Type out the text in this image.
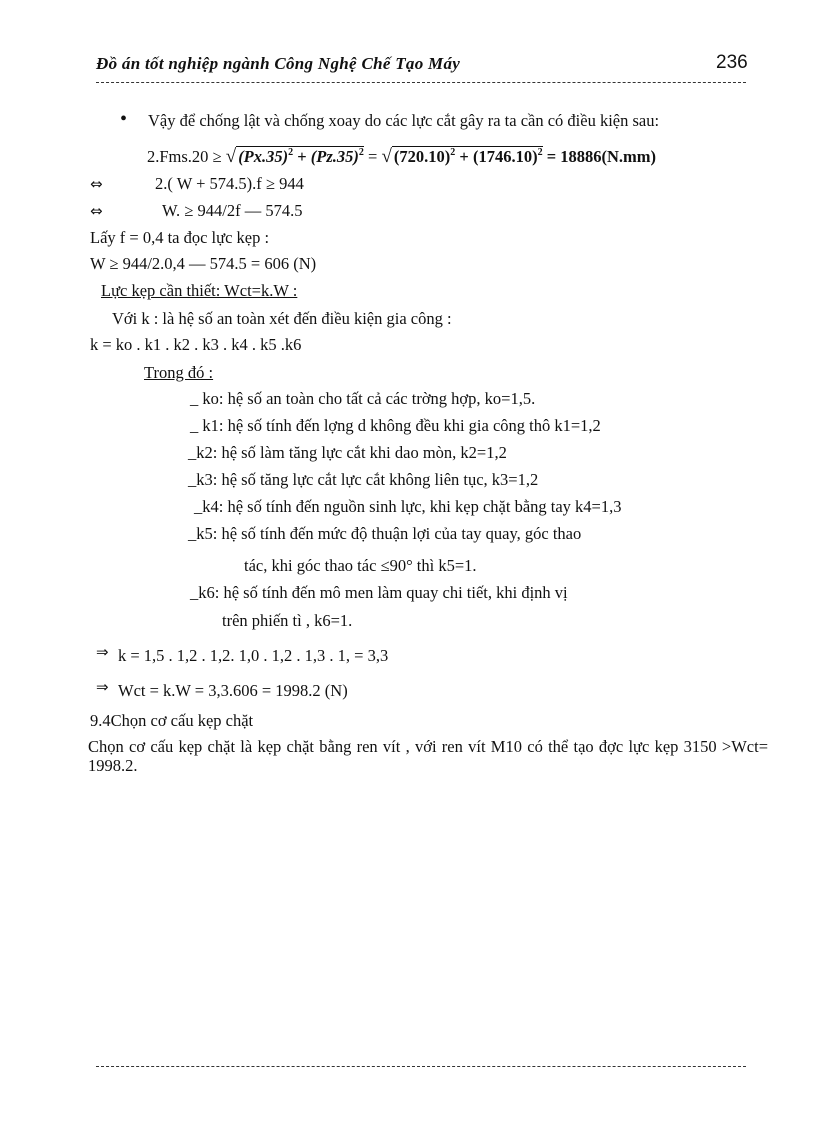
Đồ án tốt nghiệp ngành Công Nghệ Chế Tạo Máy	236
• Vậy để chống lật và chống xoay do các lực cắt gây ra ta cần có điều kiện sau:
2.Fms.20 ≥ √ $(Px.35)^2 + (Pz.35)^2$ = √ $(720.10)^2 + (1746.10)^2 = 18886(N.mm)$
⇔	2.( W + 574.5).f ≥ 944
⇔	W. ≥ 944/2f — 574.5
Lấy f = 0,4 ta đọc lực kẹp :
W ≥ 944/2.0,4 — 574.5 = 606 (N)
Lực kẹp cần thiết: Wct=k.W :
Với k : là hệ số an toàn xét đến điều kiện gia công :
k = ko . k1 . k2 . k3 . k4 . k5 .k6
Trong đó :
_ ko: hệ số an toàn cho tất cả các trờng hợp, ko=1,5.
_ k1: hệ số tính đến lợng d không đều khi gia công thô k1=1,2
_k2: hệ số làm tăng lực cắt khi dao mòn, k2=1,2
_k3: hệ số tăng lực cắt lực cắt không liên tục, k3=1,2
_k4: hệ số tính đến nguồn sinh lực, khi kẹp chặt bằng tay k4=1,3
_k5: hệ số tính đến mức độ thuận lợi của tay quay, góc thao
tác, khi góc thao tác ≤90° thì k5=1.
_k6: hệ số tính đến mô men làm quay chi tiết, khi định vị
trên phiến tì , k6=1.
⇒ k = 1,5 . 1,2 . 1,2. 1,0 . 1,2 . 1,3 . 1, = 3,3
⇒ Wct = k.W = 3,3.606 = 1998.2 (N)
9.4Chọn cơ cấu kẹp chặt
Chọn cơ cấu kẹp chặt là kẹp chặt bằng ren vít , với ren vít M10 có thể tạo đợc lực kẹp 3150 >Wct= 1998.2.
